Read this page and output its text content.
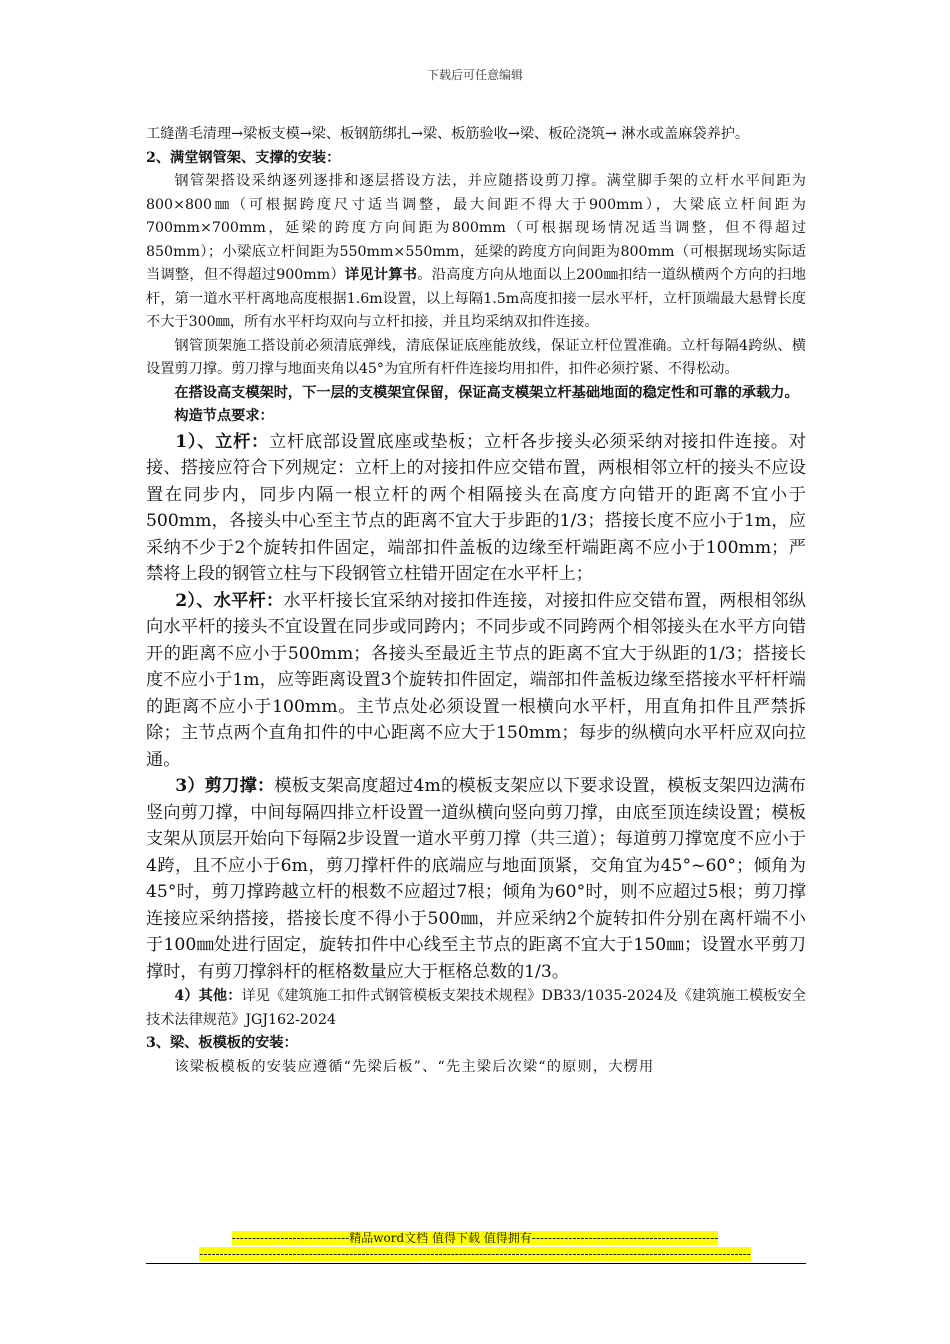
下载后可任意编辑

工缝凿毛清理→梁板支模→梁、板钢筋绑扎→梁、板筋验收→梁、板砼浇筑→ 淋水或盖麻袋养护。

2、满堂钢管架、支撑的安装：

钢管架搭设采纳逐列逐排和逐层搭设方法，并应随搭设剪刀撑。满堂脚手架的立杆水平间距为800×800㎜（可根据跨度尺寸适当调整，最大间距不得大于900mm），大梁底立杆间距为700mm×700mm，延梁的跨度方向间距为800mm（可根据现场情况适当调整，但不得超过850mm）；小梁底立杆间距为550mm×550mm，延梁的跨度方向间距为800mm（可根据现场实际适当调整，但不得超过900mm）详见计算书。沿高度方向从地面以上200㎜扣结一道纵横两个方向的扫地杆，第一道水平杆离地高度根据1.6m设置，以上每隔1.5m高度扣接一层水平杆，立杆顶端最大悬臂长度不大于300㎜，所有水平杆均双向与立杆扣接，并且均采纳双扣件连接。

钢管顶架施工搭设前必须清底弹线，清底保证底座能放线，保证立杆位置准确。立杆每隔4跨纵、横设置剪刀撑。剪刀撑与地面夹角以45°为宜所有杆件连接均用扣件，扣件必须拧紧、不得松动。

在搭设高支模架时，下一层的支模架宜保留，保证高支模架立杆基础地面的稳定性和可靠的承载力。

构造节点要求：

1）、立杆：立杆底部设置底座或垫板；立杆各步接头必须采纳对接扣件连接。对接、搭接应符合下列规定：立杆上的对接扣件应交错布置，两根相邻立杆的接头不应设置在同步内，同步内隔一根立杆的两个相隔接头在高度方向错开的距离不宜小于500mm，各接头中心至主节点的距离不宜大于步距的1/3；搭接长度不应小于1m，应采纳不少于2个旋转扣件固定，端部扣件盖板的边缘至杆端距离不应小于100mm；严禁将上段的钢管立柱与下段钢管立柱错开固定在水平杆上；

2）、水平杆：水平杆接长宜采纳对接扣件连接，对接扣件应交错布置，两根相邻纵向水平杆的接头不宜设置在同步或同跨内；不同步或不同跨两个相邻接头在水平方向错开的距离不应小于500mm；各接头至最近主节点的距离不宜大于纵距的1/3；搭接长度不应小于1m，应等距离设置3个旋转扣件固定，端部扣件盖板边缘至搭接水平杆杆端的距离不应小于100mm。主节点处必须设置一根横向水平杆，用直角扣件且严禁拆除；主节点两个直角扣件的中心距离不应大于150mm；每步的纵横向水平杆应双向拉通。

3）剪刀撑：模板支架高度超过4m的模板支架应以下要求设置，模板支架四边满布竖向剪刀撑，中间每隔四排立杆设置一道纵横向竖向剪刀撑，由底至顶连续设置；模板支架从顶层开始向下每隔2步设置一道水平剪刀撑（共三道）；每道剪刀撑宽度不应小于4跨，且不应小于6m，剪刀撑杆件的底端应与地面顶紧，交角宜为45°~60°；倾角为45°时，剪刀撑跨越立杆的根数不应超过7根；倾角为60°时，则不应超过5根；剪刀撑连接应采纳搭接，搭接长度不得小于500㎜，并应采纳2个旋转扣件分别在离杆端不小于100㎜处进行固定，旋转扣件中心线至主节点的距离不宜大于150㎜；设置水平剪刀撑时，有剪刀撑斜杆的框格数量应大于框格总数的1/3。

4）其他：详见《建筑施工扣件式钢管模板支架技术规程》DB33/1035-2024及《建筑施工模板安全技术法律规范》JGJ162-2024

3、梁、板模板的安装：

该梁板模板的安装应遵循“先梁后板”、“先主梁后次梁“的原则，大楞用

-----------------------------精品word文档 值得下载 值得拥有----------------------------------------------
----------------------------------------------------------------------------------------------------------------------------------------
